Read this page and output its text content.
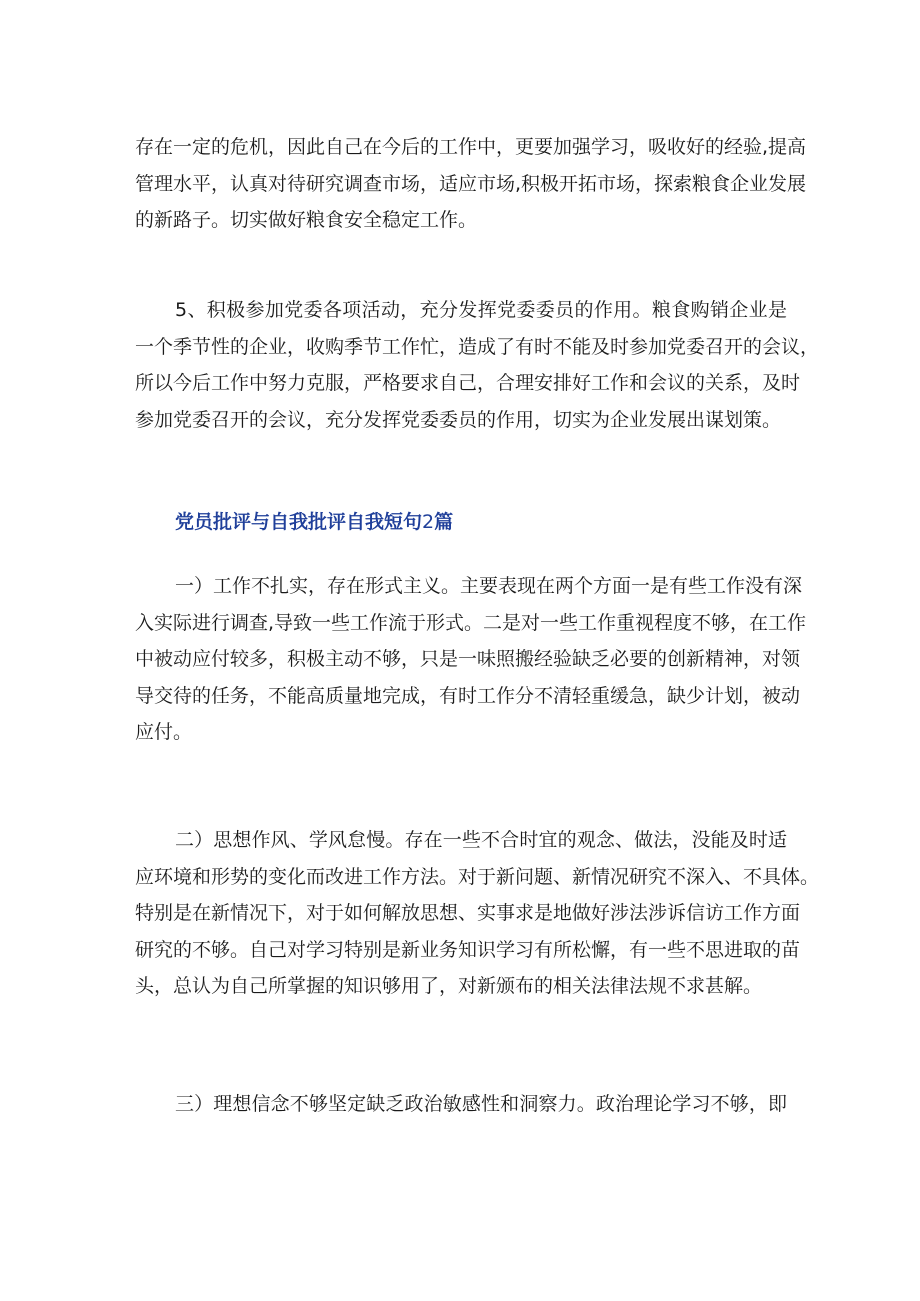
存在一定的危机，因此自己在今后的工作中，更要加强学习，吸收好的经验,提高
管理水平，认真对待研究调查市场，适应市场,积极开拓市场，探索粮食企业发展
的新路子。切实做好粮食安全稳定工作。
5、积极参加党委各项活动，充分发挥党委委员的作用。粮食购销企业是
一个季节性的企业，收购季节工作忙，造成了有时不能及时参加党委召开的会议，
所以今后工作中努力克服，严格要求自己，合理安排好工作和会议的关系，及时
参加党委召开的会议，充分发挥党委委员的作用，切实为企业发展出谋划策。
党员批评与自我批评自我短句2篇
一）工作不扎实，存在形式主义。主要表现在两个方面一是有些工作没有深
入实际进行调查,导致一些工作流于形式。二是对一些工作重视程度不够，在工作
中被动应付较多，积极主动不够，只是一味照搬经验缺乏必要的创新精神，对领
导交待的任务，不能高质量地完成，有时工作分不清轻重缓急，缺少计划，被动
应付。
二）思想作风、学风怠慢。存在一些不合时宜的观念、做法，没能及时适
应环境和形势的变化而改进工作方法。对于新问题、新情况研究不深入、不具体。
特别是在新情况下，对于如何解放思想、实事求是地做好涉法涉诉信访工作方面
研究的不够。自己对学习特别是新业务知识学习有所松懈，有一些不思进取的苗
头，总认为自己所掌握的知识够用了，对新颁布的相关法律法规不求甚解。
三）理想信念不够坚定缺乏政治敏感性和洞察力。政治理论学习不够，即
